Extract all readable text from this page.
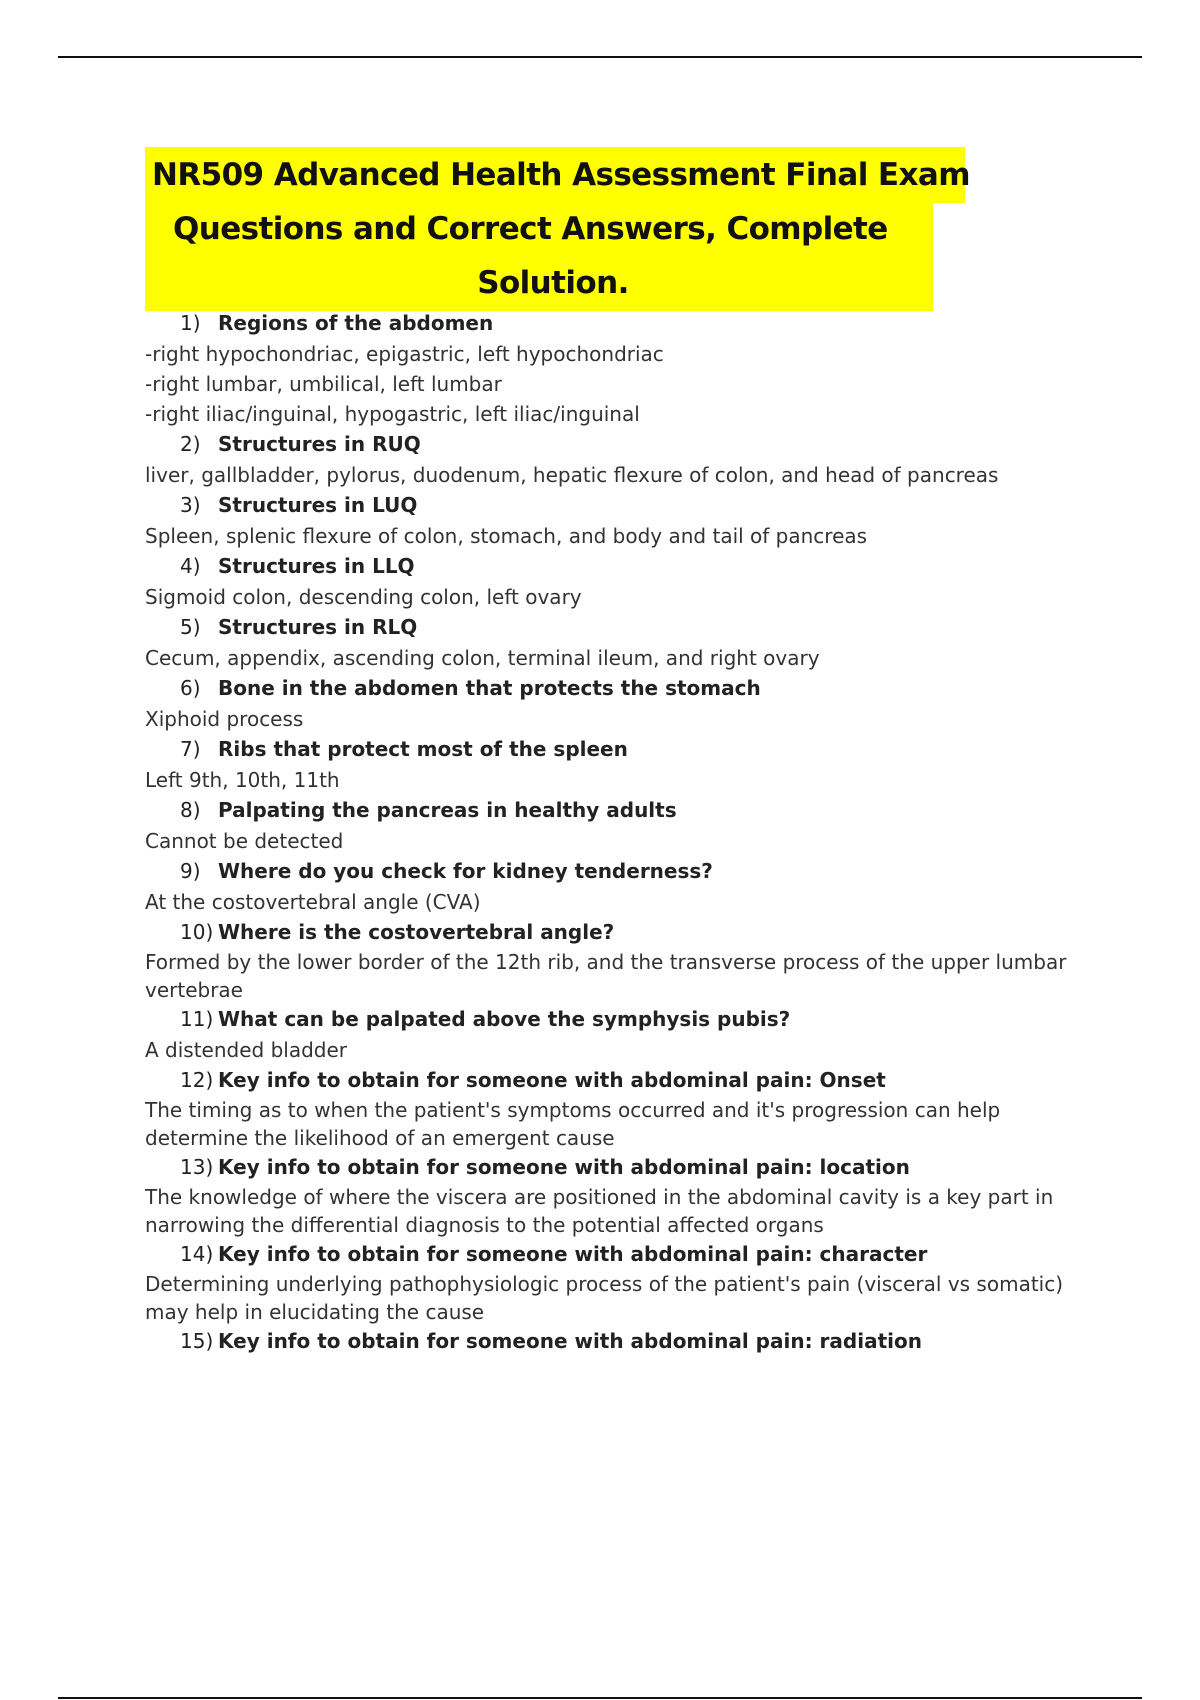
NR509 Advanced Health Assessment Final Exam
Questions and Correct Answers, Complete
Solution.
1) Regions of the abdomen
-right hypochondriac, epigastric, left hypochondriac
-right lumbar, umbilical, left lumbar
-right iliac/inguinal, hypogastric, left iliac/inguinal
2) Structures in RUQ
liver, gallbladder, pylorus, duodenum, hepatic flexure of colon, and head of pancreas
3) Structures in LUQ
Spleen, splenic flexure of colon, stomach, and body and tail of pancreas
4) Structures in LLQ
Sigmoid colon, descending colon, left ovary
5) Structures in RLQ
Cecum, appendix, ascending colon, terminal ileum, and right ovary
6) Bone in the abdomen that protects the stomach
Xiphoid process
7) Ribs that protect most of the spleen
Left 9th, 10th, 11th
8) Palpating the pancreas in healthy adults
Cannot be detected
9) Where do you check for kidney tenderness?
At the costovertebral angle (CVA)
10) Where is the costovertebral angle?
Formed by the lower border of the 12th rib, and the transverse process of the upper lumbar vertebrae
11) What can be palpated above the symphysis pubis?
A distended bladder
12) Key info to obtain for someone with abdominal pain: Onset
The timing as to when the patient's symptoms occurred and it's progression can help determine the likelihood of an emergent cause
13) Key info to obtain for someone with abdominal pain: location
The knowledge of where the viscera are positioned in the abdominal cavity is a key part in narrowing the differential diagnosis to the potential affected organs
14) Key info to obtain for someone with abdominal pain: character
Determining underlying pathophysiologic process of the patient's pain (visceral vs somatic) may help in elucidating the cause
15) Key info to obtain for someone with abdominal pain: radiation
